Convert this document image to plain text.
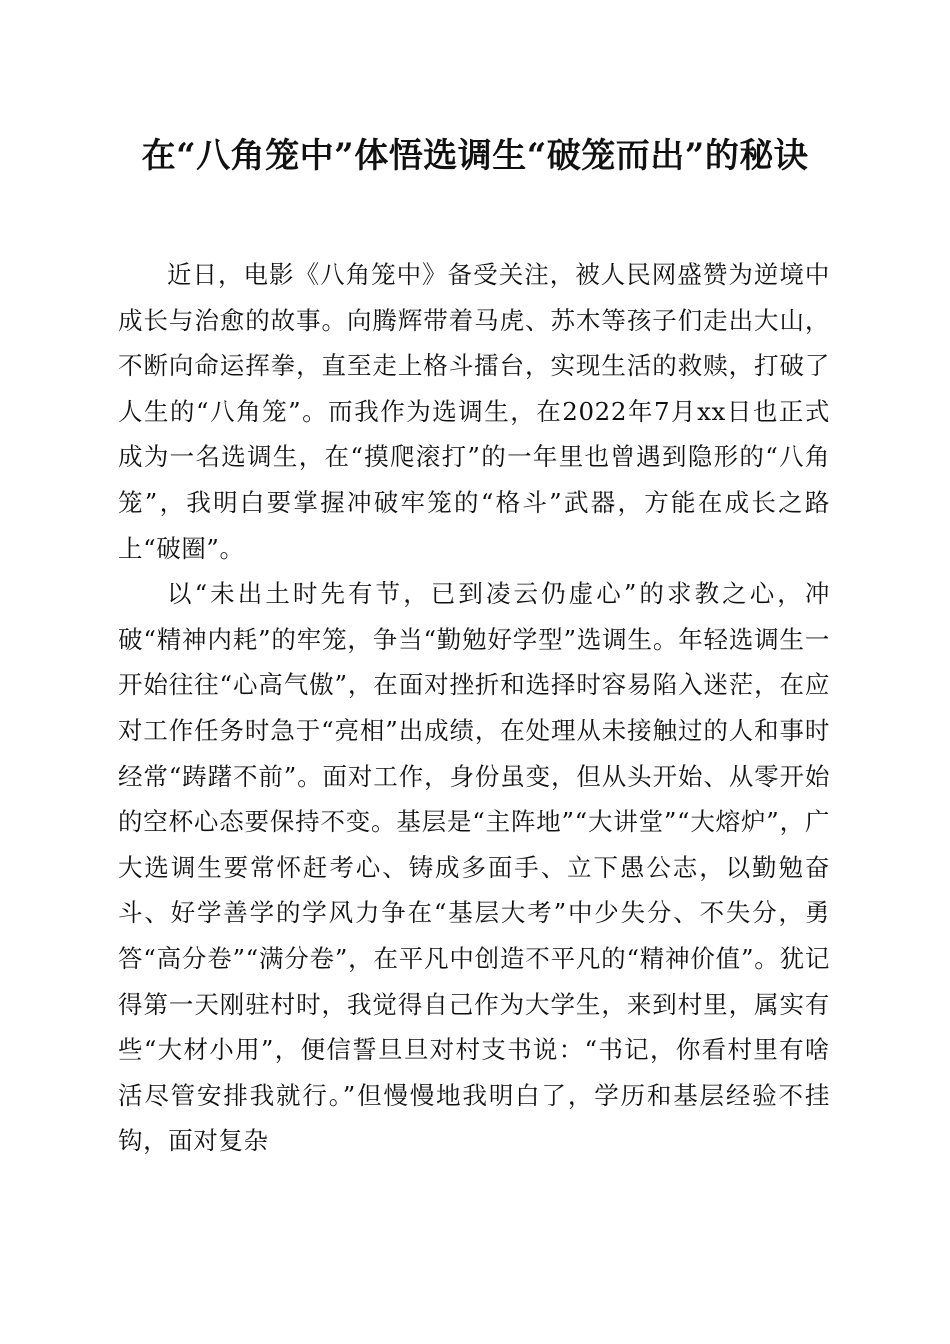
在“八角笼中”体悟选调生“破笼而出”的秘诀

近日，电影《八角笼中》备受关注，被人民网盛赞为逆境中成长与治愈的故事。向腾辉带着马虎、苏木等孩子们走出大山，不断向命运挥拳，直至走上格斗擂台，实现生活的救赎，打破了人生的“八角笼”。而我作为选调生，在2022年7月xx日也正式成为一名选调生，在“摸爬滚打”的一年里也曾遇到隐形的“八角笼”，我明白要掌握冲破牢笼的“格斗”武器，方能在成长之路上“破圈”。

以“未出土时先有节，已到凌云仍虚心”的求教之心，冲破“精神内耗”的牢笼，争当“勤勉好学型”选调生。年轻选调生一开始往往“心高气傲”，在面对挫折和选择时容易陷入迷茫，在应对工作任务时急于“亮相”出成绩，在处理从未接触过的人和事时经常“踌躇不前”。面对工作，身份虽变，但从头开始、从零开始的空杯心态要保持不变。基层是“主阵地”“大讲堂”“大熔炉”，广大选调生要常怀赶考心、铸成多面手、立下愚公志，以勤勉奋斗、好学善学的学风力争在“基层大考”中少失分、不失分，勇答“高分卷”“满分卷”，在平凡中创造不平凡的“精神价值”。犹记得第一天刚驻村时，我觉得自己作为大学生，来到村里，属实有些“大材小用”，便信誓旦旦对村支书说：“书记，你看村里有啥活尽管安排我就行。”但慢慢地我明白了，学历和基层经验不挂钩，面对复杂
